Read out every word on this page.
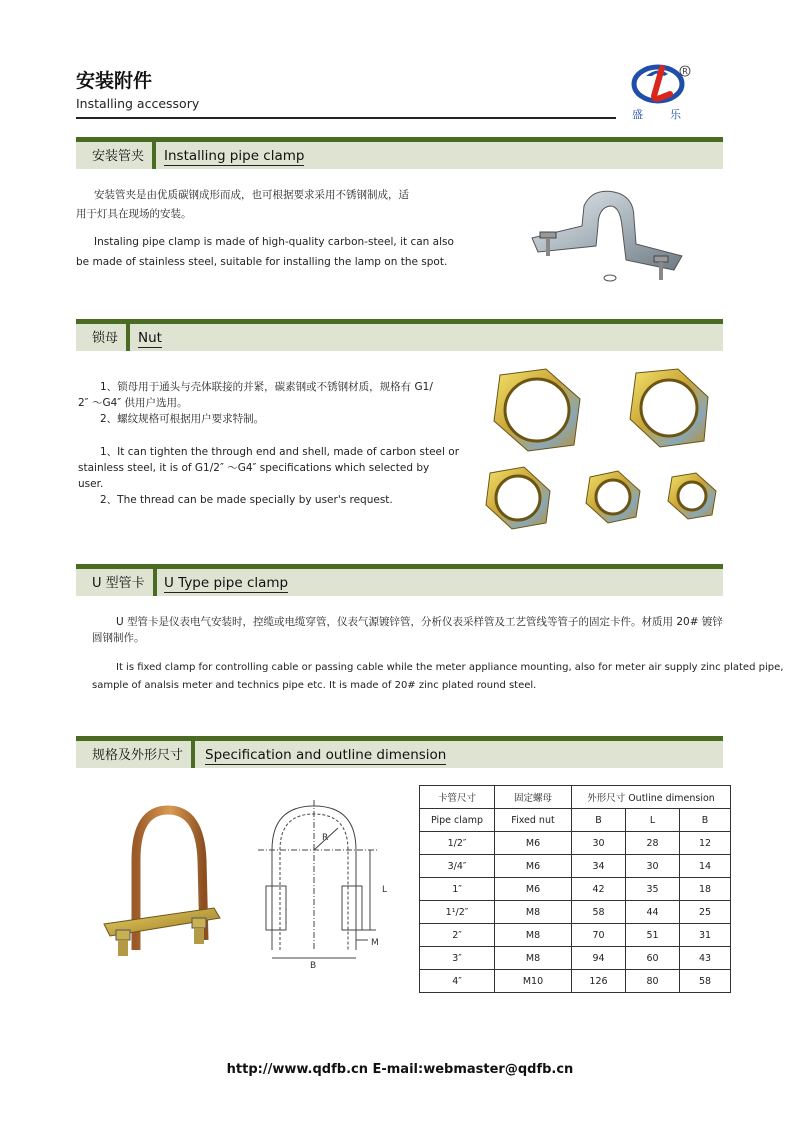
安装附件
Installing accessory
R
盛 乐
安装管夹	Installing pipe clamp
安装管夹是由优质碳钢成形而成，也可根据要求采用不锈钢制成，适
用于灯具在现场的安装。
Instaling pipe clamp is made of high-quality carbon-steel, it can also
be made of stainless steel, suitable for installing the lamp on the spot.
锁母	Nut
1、锁母用于通头与壳体联接的并紧，碳素钢或不锈钢材质，规格有 G1/
2″ ～G4″ 供用户选用。
2、螺纹规格可根据用户要求特制。
1、It can tighten the through end and shell, made of carbon steel or
stainless steel, it is of G1/2″ ～G4″ specifications which selected by
user.
2、The thread can be made specially by user's request.
U 型管卡	U Type pipe clamp
U 型管卡是仪表电气安装时，控缆或电缆穿管，仪表气源镀锌管，分析仪表采样管及工艺管线等管子的固定卡件。材质用 20# 镀锌
圆钢制作。
It is fixed clamp for controlling cable or passing cable while the meter appliance mounting, also for meter air supply zinc plated pipe,
sample of analsis meter and technics pipe etc. It is made of 20# zinc plated round steel.
规格及外形尺寸	Specification and outline dimension
R
L
M
B
卡管尺寸	固定螺母	外形尺寸 Outline dimension		
Pipe clamp	Fixed nut	B	L	B
1/2″	M6	30	28	12
3/4″	M6	34	30	14
1″	M6	42	35	18
1¹/2″	M8	58	44	25
2″	M8	70	51	31
3″	M8	94	60	43
4″	M10	126	80	58
http://www.qdfb.cn E-mail:webmaster@qdfb.cn
